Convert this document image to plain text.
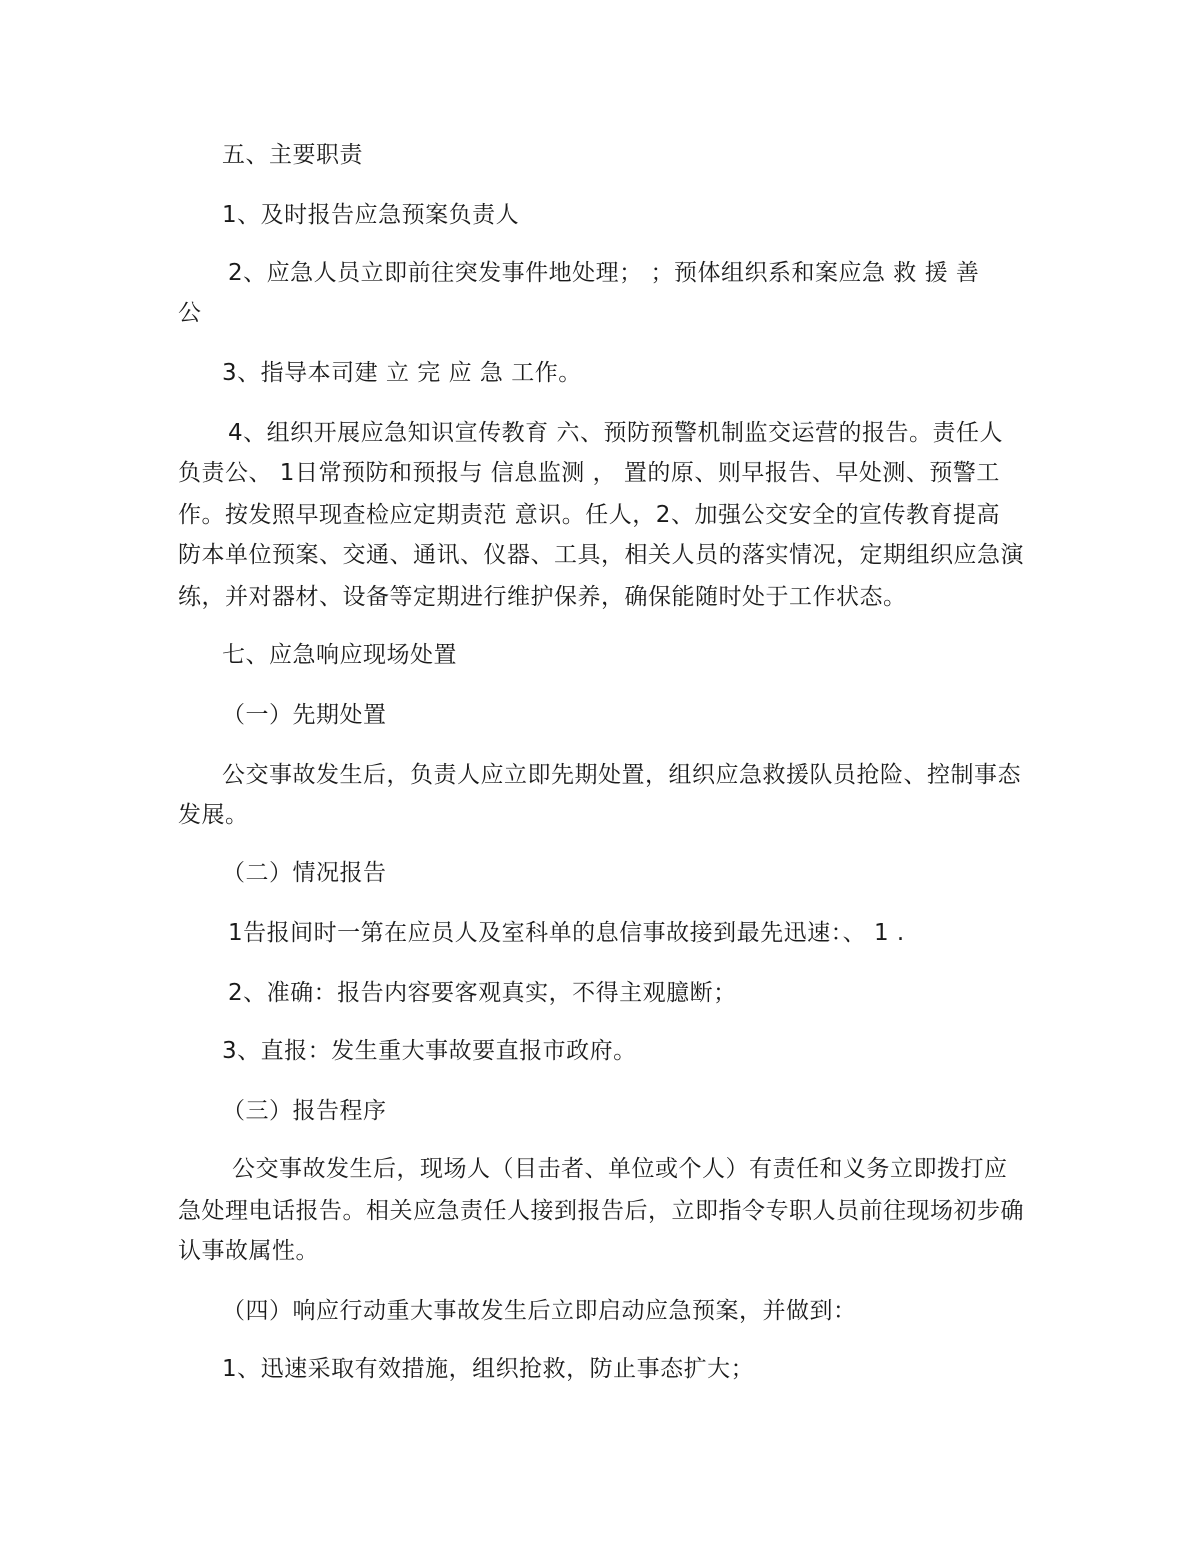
五、主要职责
1、及时报告应急预案负责人
2、应急人员立即前往突发事件地处理； ；预体组织系和案应急 救 援 善
公
3、指导本司建 立 完 应 急 工作。
4、组织开展应急知识宣传教育 六、预防预警机制监交运营的报告。责任人
负责公、 1日常预防和预报与 信息监测 ， 置的原、则早报告、早处测、预警工
作。按发照早现查检应定期责范 意识。任人，2、加强公交安全的宣传教育提高
防本单位预案、交通、通讯、仪器、工具，相关人员的落实情况，定期组织应急演
练，并对器材、设备等定期进行维护保养，确保能随时处于工作状态。
七、应急响应现场处置
（一）先期处置
公交事故发生后，负责人应立即先期处置，组织应急救援队员抢险、控制事态
发展。
（二）情况报告
1告报间时一第在应员人及室科单的息信事故接到最先迅速：、 1 .
2、准确：报告内容要客观真实，不得主观臆断；
3、直报：发生重大事故要直报市政府。
（三）报告程序
公交事故发生后，现场人（目击者、单位或个人）有责任和义务立即拨打应
急处理电话报告。相关应急责任人接到报告后，立即指令专职人员前往现场初步确
认事故属性。
（四）响应行动重大事故发生后立即启动应急预案，并做到：
1、迅速采取有效措施，组织抢救，防止事态扩大；
